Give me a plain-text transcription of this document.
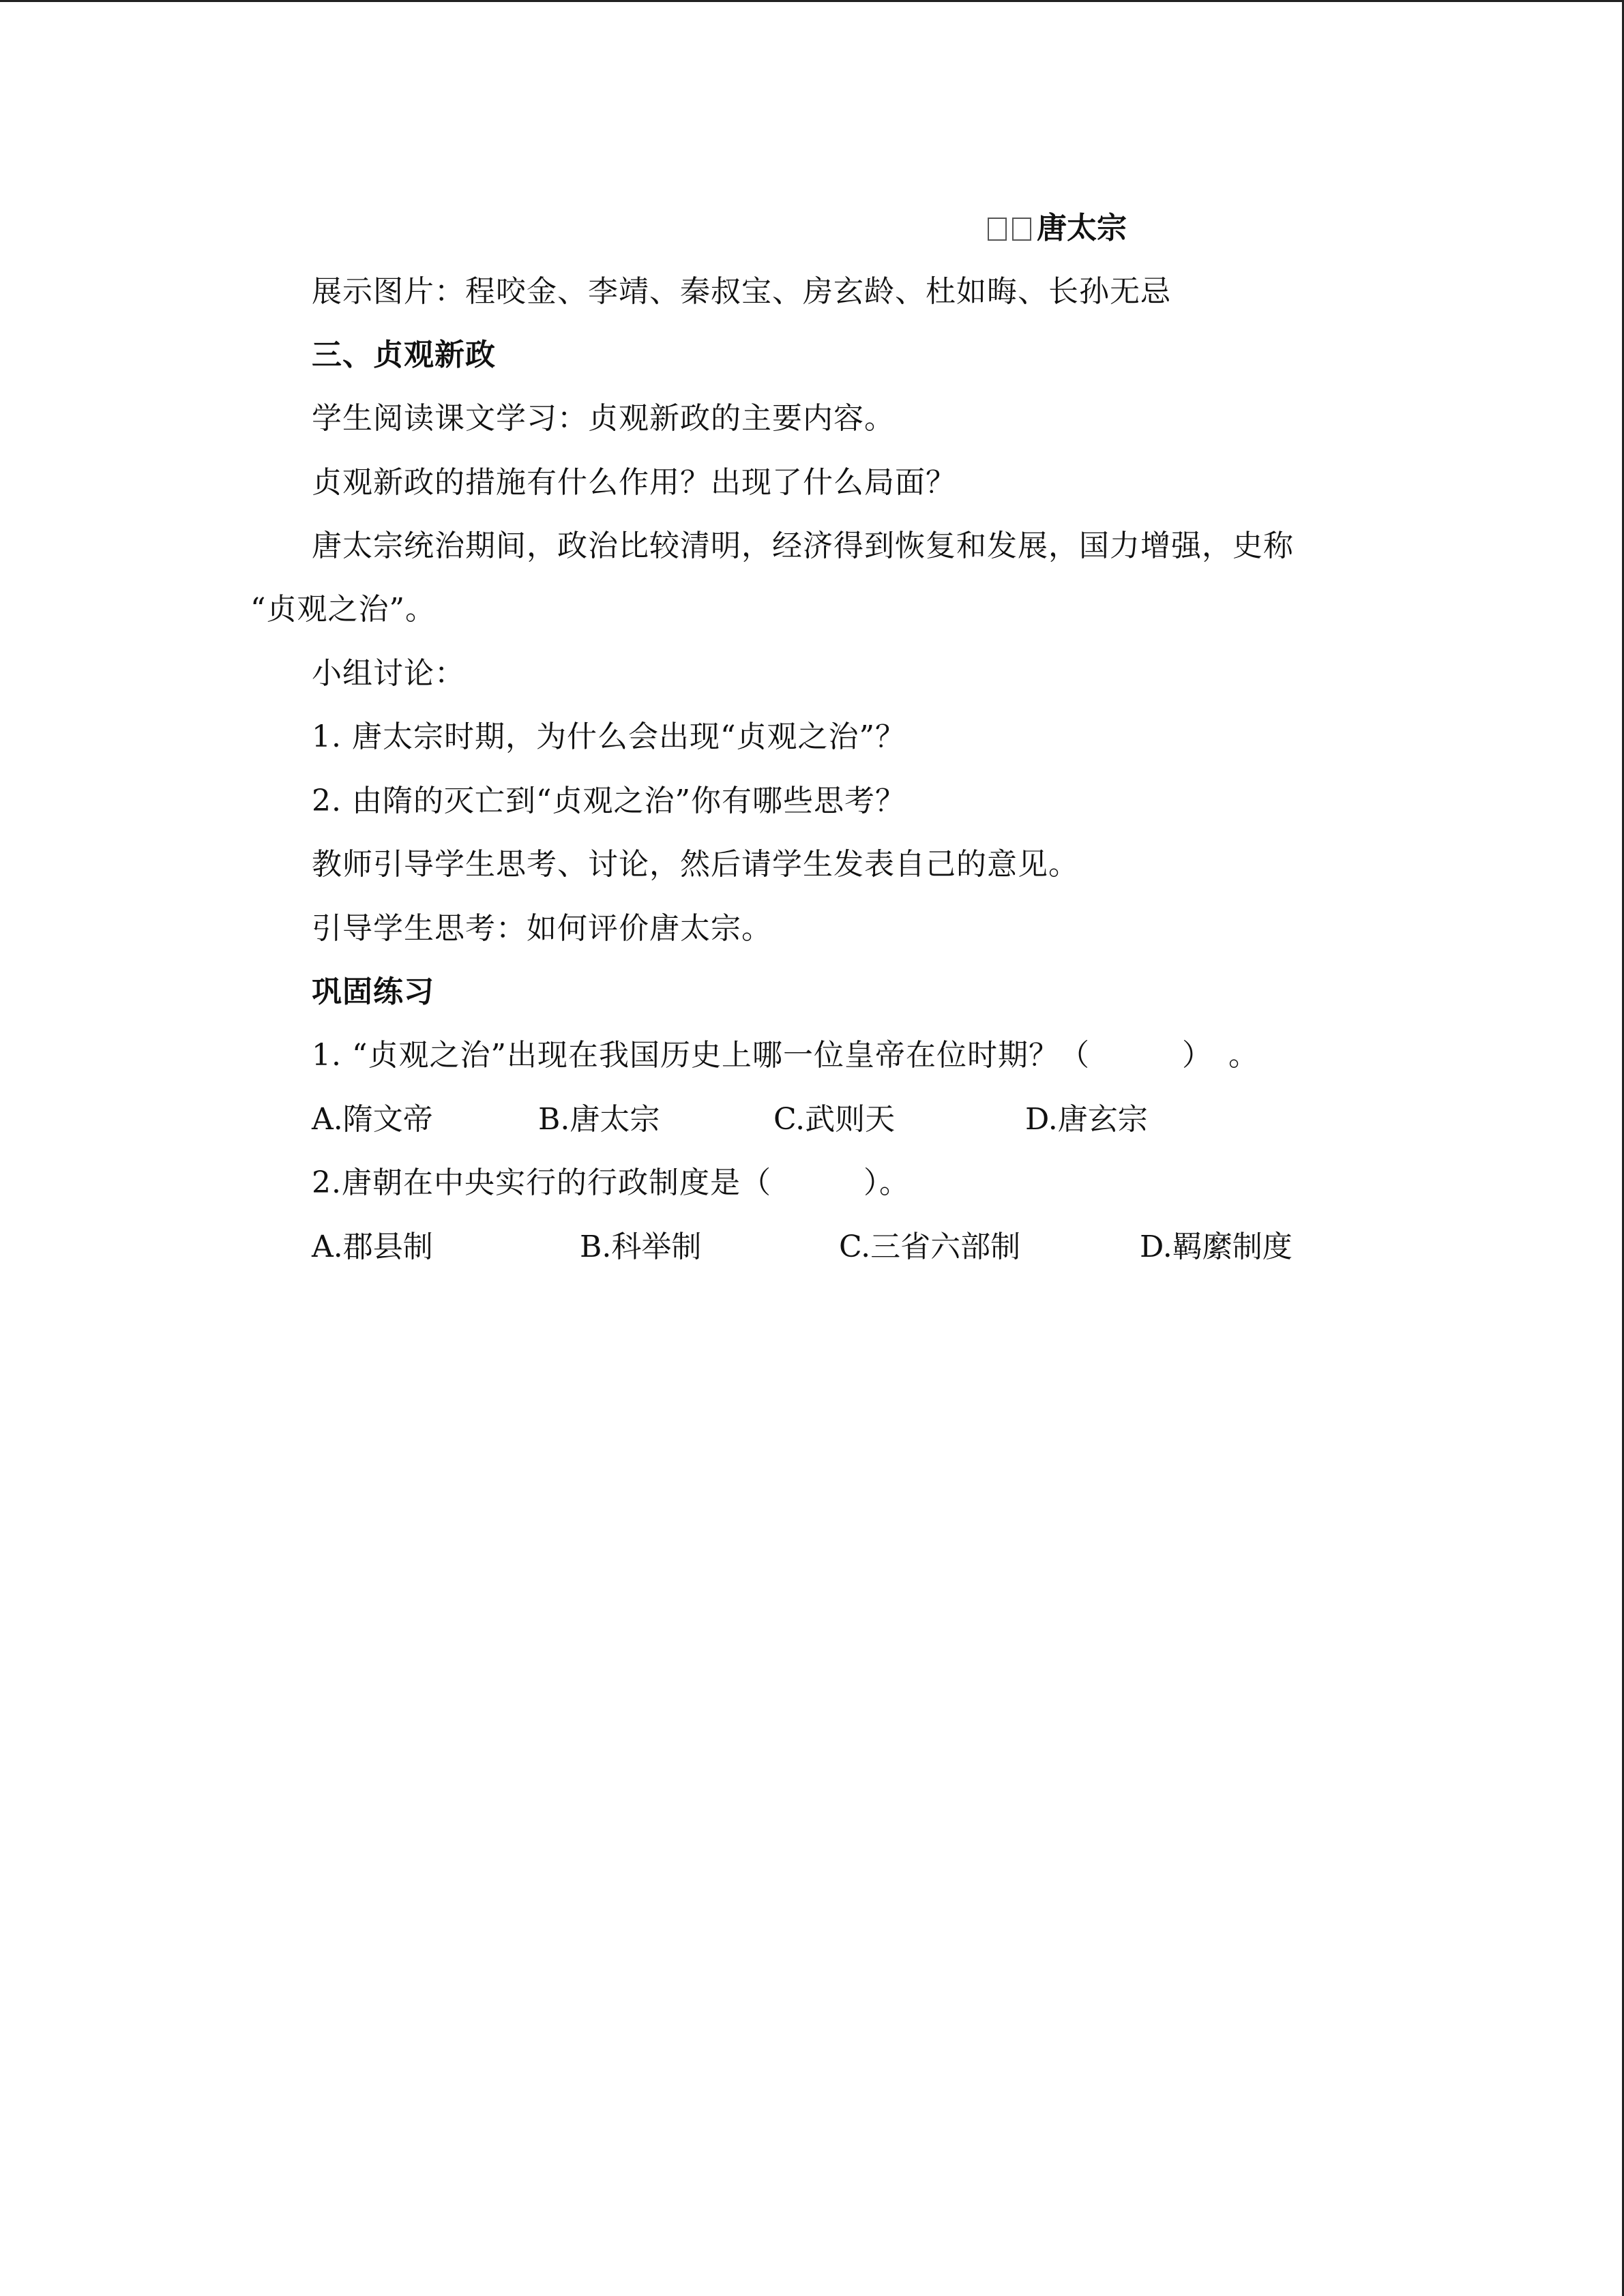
唐太宗
展示图片：程咬金、李靖、秦叔宝、房玄龄、杜如晦、长孙无忌
三、贞观新政
学生阅读课文学习：贞观新政的主要内容。
贞观新政的措施有什么作用？出现了什么局面？
唐太宗统治期间，政治比较清明，经济得到恢复和发展，国力增强，史称
“贞观之治”。
小组讨论：
1. 唐太宗时期，为什么会出现“贞观之治”？
2. 由隋的灭亡到“贞观之治”你有哪些思考？
教师引导学生思考、讨论，然后请学生发表自己的意见。
引导学生思考：如何评价唐太宗。
巩固练习
1. “贞观之治”出现在我国历史上哪一位皇帝在位时期？（　　　）　。
A.隋文帝	B.唐太宗	C.武则天	D.唐玄宗
2.唐朝在中央实行的行政制度是（　　　）。
A.郡县制	B.科举制	C.三省六部制	D.羁縻制度
